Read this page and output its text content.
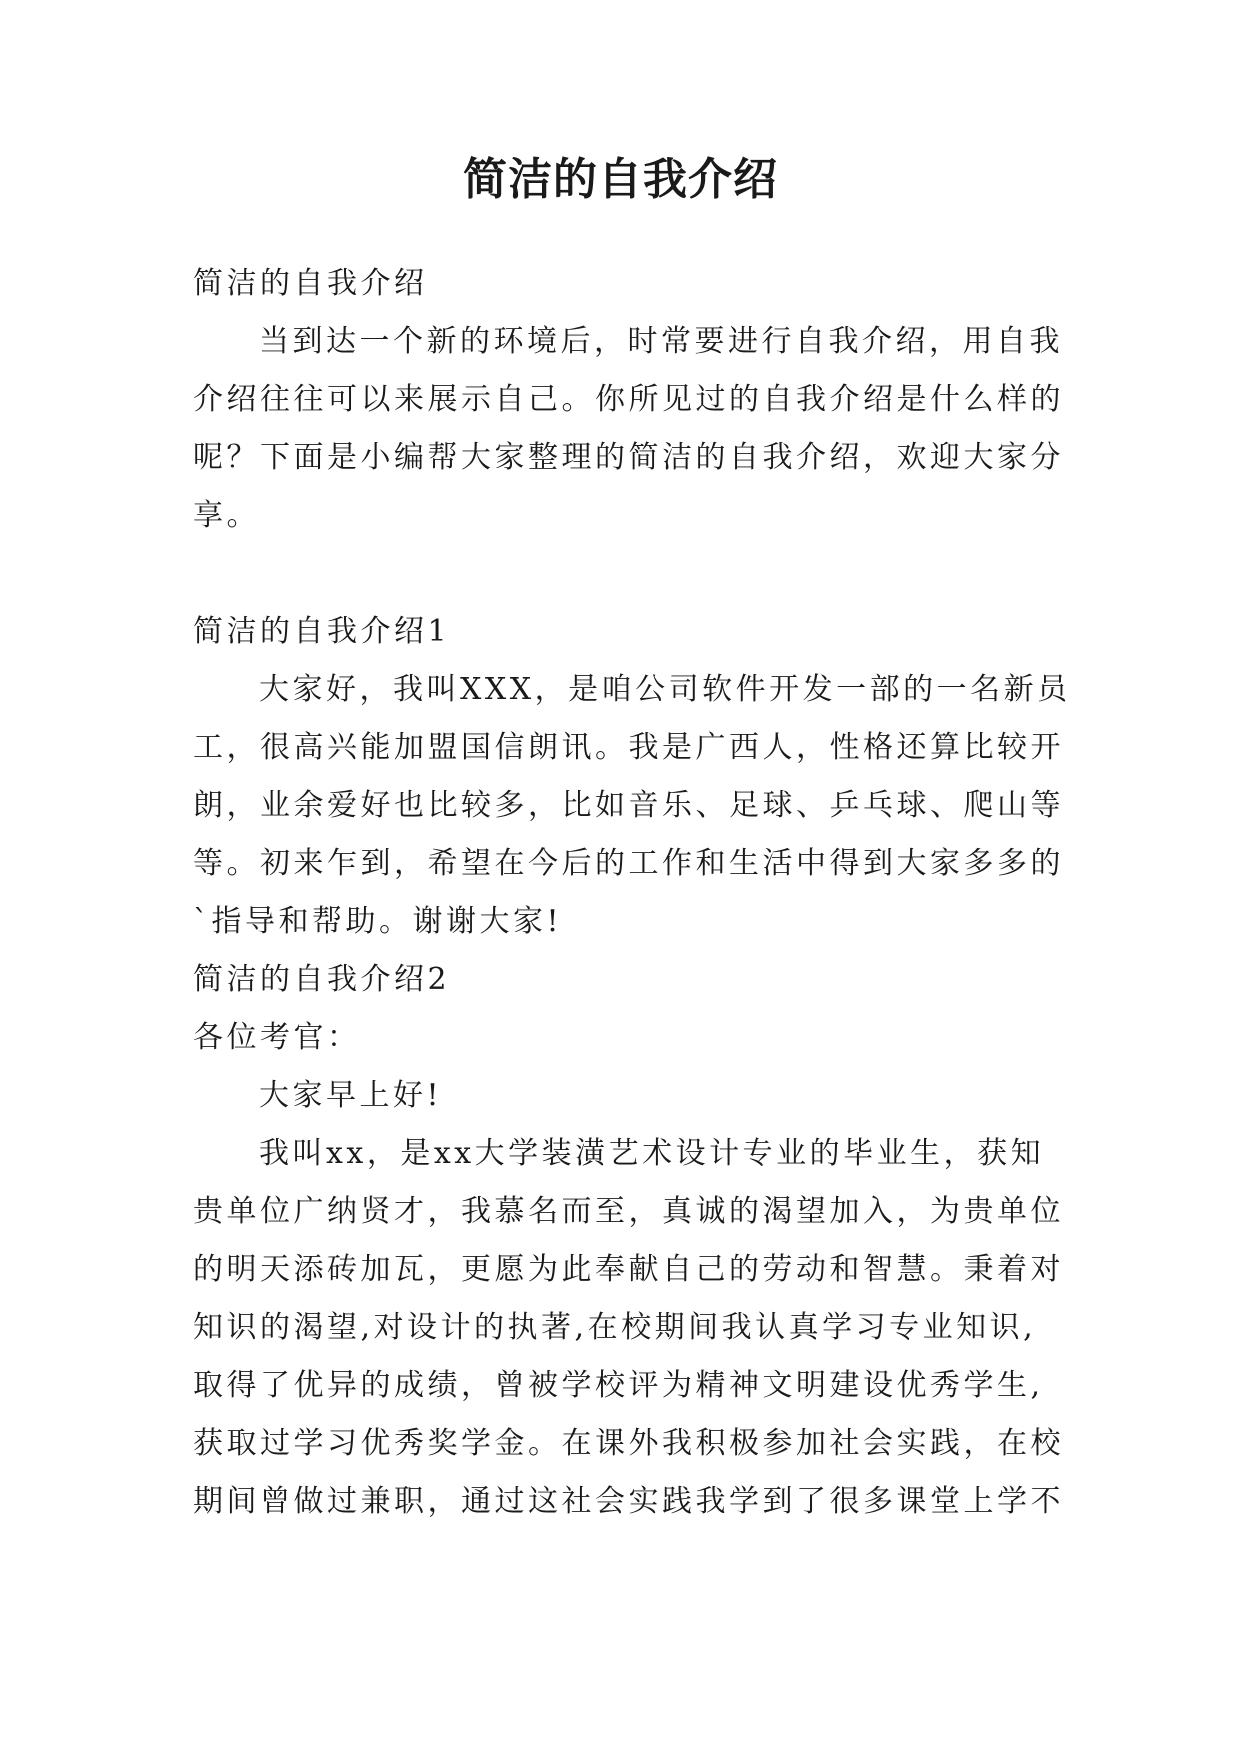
简洁的自我介绍

简洁的自我介绍

当到达一个新的环境后，时常要进行自我介绍，用自我

介绍往往可以来展示自己。你所见过的自我介绍是什么样的

呢？下面是小编帮大家整理的简洁的自我介绍，欢迎大家分

享。

简洁的自我介绍1

大家好，我叫XXX，是咱公司软件开发一部的一名新员

工，很高兴能加盟国信朗讯。我是广西人，性格还算比较开

朗，业余爱好也比较多，比如音乐、足球、乒乓球、爬山等

等。初来乍到，希望在今后的工作和生活中得到大家多多的

`指导和帮助。谢谢大家!

简洁的自我介绍2

各位考官：

大家早上好!

我叫xx，是xx大学装潢艺术设计专业的毕业生，获知

贵单位广纳贤才，我慕名而至，真诚的渴望加入，为贵单位

的明天添砖加瓦，更愿为此奉献自己的劳动和智慧。秉着对

知识的渴望,对设计的执著,在校期间我认真学习专业知识,

取得了优异的成绩，曾被学校评为精神文明建设优秀学生,

获取过学习优秀奖学金。在课外我积极参加社会实践，在校

期间曾做过兼职，通过这社会实践我学到了很多课堂上学不
